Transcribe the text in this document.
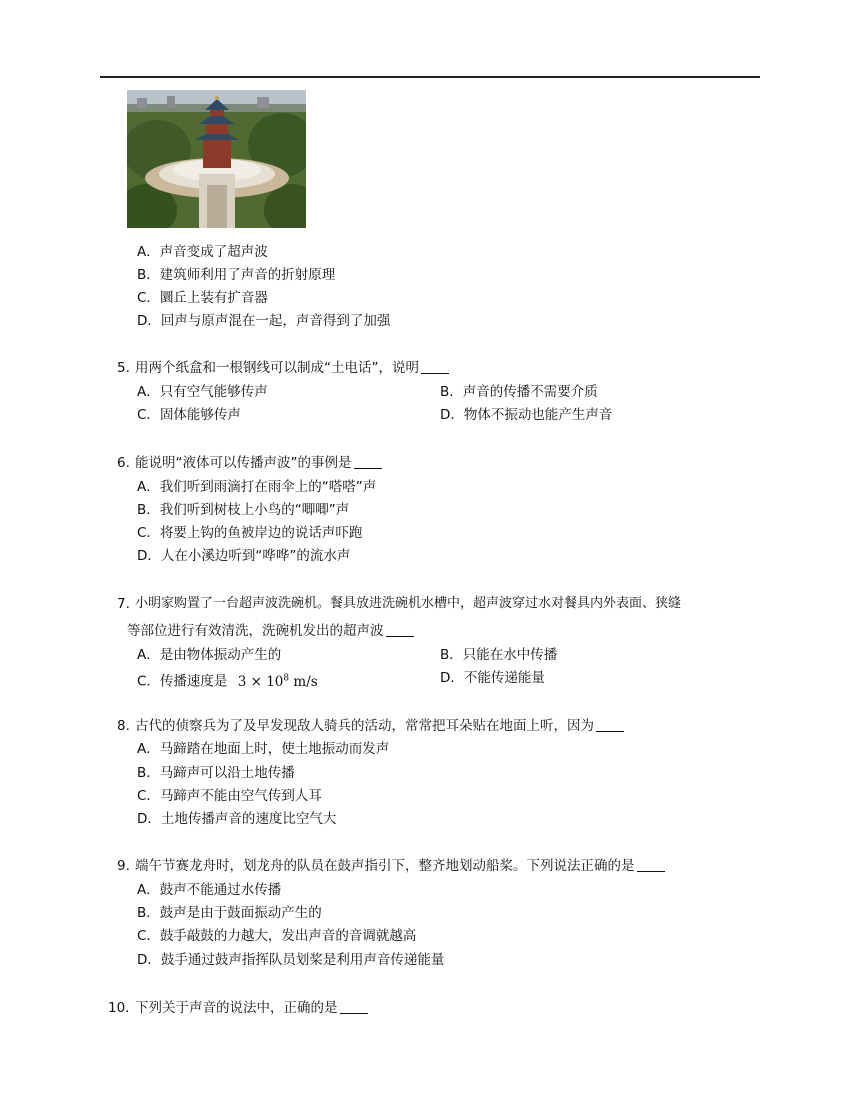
A．声音变成了超声波
B．建筑师利用了声音的折射原理
C．圜丘上装有扩音器
D．回声与原声混在一起，声音得到了加强
5. 用两个纸盒和一根钢线可以制成“土电话”，说明
A．只有空气能够传声	B．声音的传播不需要介质
C．固体能够传声	D．物体不振动也能产生声音
6. 能说明“液体可以传播声波”的事例是
A．我们听到雨滴打在雨伞上的“嗒嗒”声
B．我们听到树枝上小鸟的“唧唧”声
C．将要上钩的鱼被岸边的说话声吓跑
D．人在小溪边听到“哗哗”的流水声
7. 小明家购置了一台超声波洗碗机。餐具放进洗碗机水槽中，超声波穿过水对餐具内外表面、狭缝
等部位进行有效清洗，洗碗机发出的超声波
A．是由物体振动产生的	B．只能在水中传播
C．传播速度是 $3 \times 10^8$ m/s	D．不能传递能量
8. 古代的侦察兵为了及早发现敌人骑兵的活动，常常把耳朵贴在地面上听，因为
A．马蹄踏在地面上时，使土地振动而发声
B．马蹄声可以沿土地传播
C．马蹄声不能由空气传到人耳
D．土地传播声音的速度比空气大
9. 端午节赛龙舟时，划龙舟的队员在鼓声指引下，整齐地划动船桨。下列说法正确的是
A．鼓声不能通过水传播
B．鼓声是由于鼓面振动产生的
C．鼓手敲鼓的力越大，发出声音的音调就越高
D．鼓手通过鼓声指挥队员划桨是利用声音传递能量
10. 下列关于声音的说法中，正确的是
